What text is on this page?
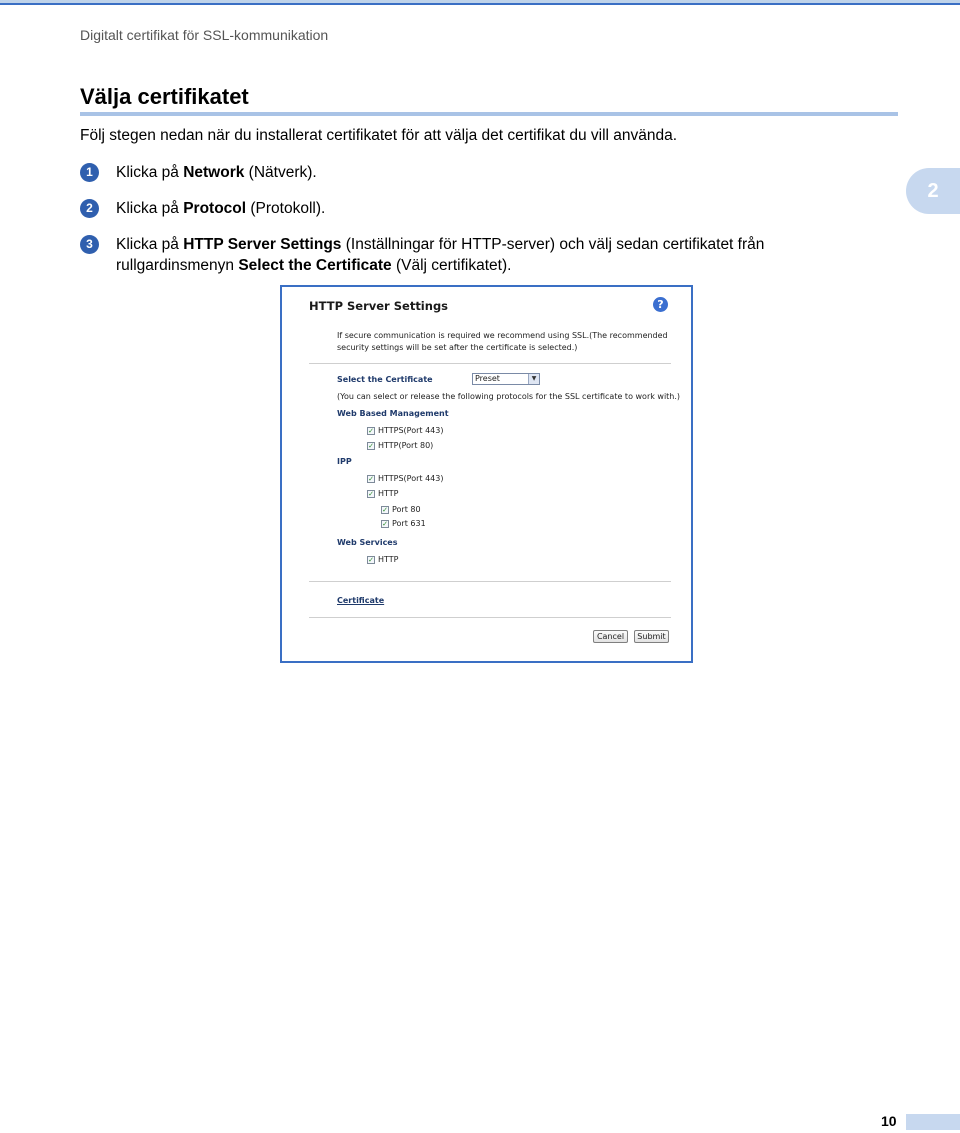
Digitalt certifikat för SSL-kommunikation
Välja certifikatet
Följ stegen nedan när du installerat certifikatet för att välja det certifikat du vill använda.
2
1	Klicka på Network (Nätverk).
2	Klicka på Protocol (Protokoll).
3	Klicka på HTTP Server Settings (Inställningar för HTTP-server) och välj sedan certifikatet från
rullgardinsmenyn Select the Certificate (Välj certifikatet).
HTTP Server Settings	?
If secure communication is required we recommend using SSL.(The recommended security settings will be set after the certificate is selected.)
Select the Certificate	Preset	▼
(You can select or release the following protocols for the SSL certificate to work with.)
Web Based Management
✓ HTTPS(Port 443)
✓ HTTP(Port 80)
IPP
✓ HTTPS(Port 443)
✓ HTTP
✓ Port 80
✓ Port 631
Web Services
✓ HTTP
Certificate
Cancel	Submit
10
